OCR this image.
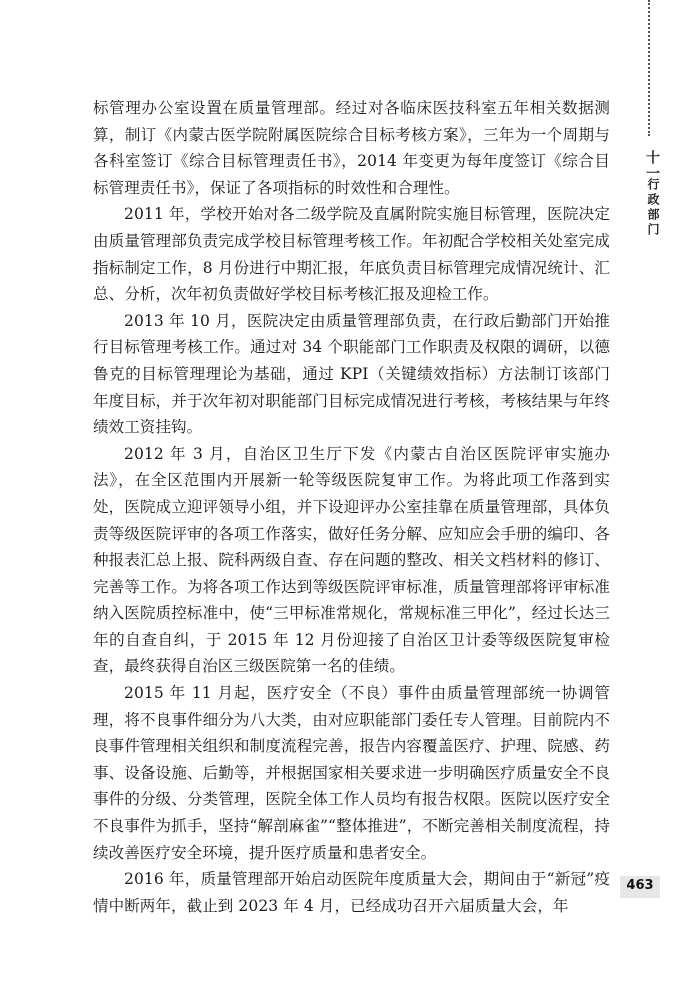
标管理办公室设置在质量管理部。经过对各临床医技科室五年相关数据测算，制订《内蒙古医学院附属医院综合目标考核方案》，三年为一个周期与各科室签订《综合目标管理责任书》，2014 年变更为每年度签订《综合目标管理责任书》，保证了各项指标的时效性和合理性。

2011 年，学校开始对各二级学院及直属附院实施目标管理，医院决定由质量管理部负责完成学校目标管理考核工作。年初配合学校相关处室完成指标制定工作，8 月份进行中期汇报，年底负责目标管理完成情况统计、汇总、分析，次年初负责做好学校目标考核汇报及迎检工作。

2013 年 10 月，医院决定由质量管理部负责，在行政后勤部门开始推行目标管理考核工作。通过对 34 个职能部门工作职责及权限的调研，以德鲁克的目标管理理论为基础，通过 KPI（关键绩效指标）方法制订该部门年度目标，并于次年初对职能部门目标完成情况进行考核，考核结果与年终绩效工资挂钩。

2012 年 3 月，自治区卫生厅下发《内蒙古自治区医院评审实施办法》，在全区范围内开展新一轮等级医院复审工作。为将此项工作落到实处，医院成立迎评领导小组，并下设迎评办公室挂靠在质量管理部，具体负责等级医院评审的各项工作落实，做好任务分解、应知应会手册的编印、各种报表汇总上报、院科两级自查、存在问题的整改、相关文档材料的修订、完善等工作。为将各项工作达到等级医院评审标准，质量管理部将评审标准纳入医院质控标准中，使“三甲标准常规化，常规标准三甲化”，经过长达三年的自查自纠，于 2015 年 12 月份迎接了自治区卫计委等级医院复审检查，最终获得自治区三级医院第一名的佳绩。

2015 年 11 月起，医疗安全（不良）事件由质量管理部统一协调管理，将不良事件细分为八大类，由对应职能部门委任专人管理。目前院内不良事件管理相关组织和制度流程完善，报告内容覆盖医疗、护理、院感、药事、设备设施、后勤等，并根据国家相关要求进一步明确医疗质量安全不良事件的分级、分类管理，医院全体工作人员均有报告权限。医院以医疗安全不良事件为抓手，坚持“解剖麻雀”“整体推进”，不断完善相关制度流程，持续改善医疗安全环境，提升医疗质量和患者安全。

2016 年，质量管理部开始启动医院年度质量大会，期间由于“新冠”疫情中断两年，截止到 2023 年 4 月，已经成功召开六届质量大会，年

十一
行政部门
463
